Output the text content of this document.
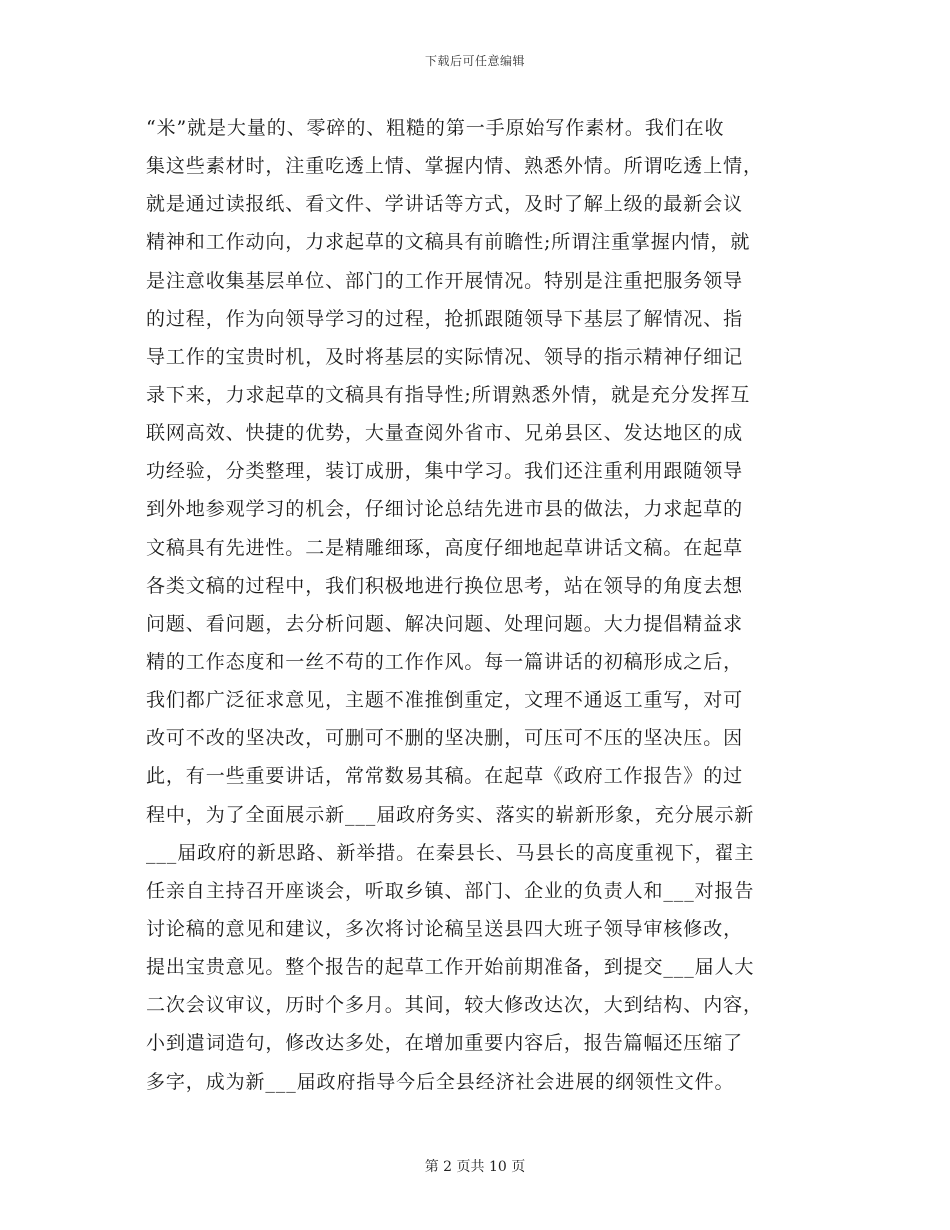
下载后可任意编辑
“米”就是大量的、零碎的、粗糙的第一手原始写作素材。我们在收
集这些素材时，注重吃透上情、掌握内情、熟悉外情。所谓吃透上情，
就是通过读报纸、看文件、学讲话等方式，及时了解上级的最新会议
精神和工作动向，力求起草的文稿具有前瞻性;所谓注重掌握内情，就
是注意收集基层单位、部门的工作开展情况。特别是注重把服务领导
的过程，作为向领导学习的过程，抢抓跟随领导下基层了解情况、指
导工作的宝贵时机，及时将基层的实际情况、领导的指示精神仔细记
录下来，力求起草的文稿具有指导性;所谓熟悉外情，就是充分发挥互
联网高效、快捷的优势，大量查阅外省市、兄弟县区、发达地区的成
功经验，分类整理，装订成册，集中学习。我们还注重利用跟随领导
到外地参观学习的机会，仔细讨论总结先进市县的做法，力求起草的
文稿具有先进性。二是精雕细琢，高度仔细地起草讲话文稿。在起草
各类文稿的过程中，我们积极地进行换位思考，站在领导的角度去想
问题、看问题，去分析问题、解决问题、处理问题。大力提倡精益求
精的工作态度和一丝不苟的工作作风。每一篇讲话的初稿形成之后，
我们都广泛征求意见，主题不准推倒重定，文理不通返工重写，对可
改可不改的坚决改，可删可不删的坚决删，可压可不压的坚决压。因
此，有一些重要讲话，常常数易其稿。在起草《政府工作报告》的过
程中，为了全面展示新___届政府务实、落实的崭新形象，充分展示新
___届政府的新思路、新举措。在秦县长、马县长的高度重视下，翟主
任亲自主持召开座谈会，听取乡镇、部门、企业的负责人和___对报告
讨论稿的意见和建议，多次将讨论稿呈送县四大班子领导审核修改，
提出宝贵意见。整个报告的起草工作开始前期准备，到提交___届人大
二次会议审议，历时个多月。其间，较大修改达次，大到结构、内容，
小到遣词造句，修改达多处，在增加重要内容后，报告篇幅还压缩了
多字，成为新___届政府指导今后全县经济社会进展的纲领性文件。
第 2 页共 10 页
